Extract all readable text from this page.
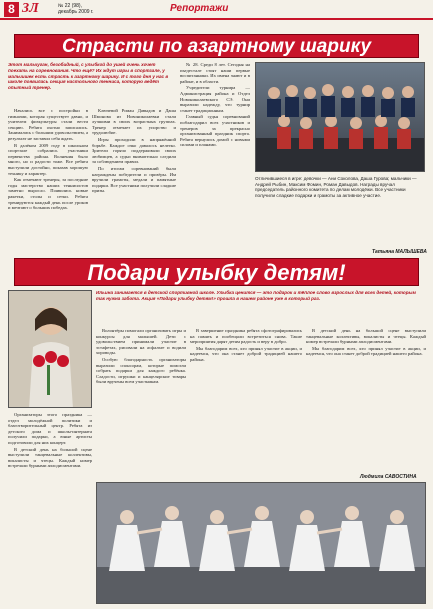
8 ЗЛ	№ 22 (98),
декабрь 2009 г.	Репортажи
Страсти по азартному шарику
Этот мальчуган, безобидный, с улыбкой до ушей очень хочет поехать на соревнования. Что ещё? Их ждут игры в спортзале, у мальчишек есть страсть к азартному шарику. И с того дня у нас в школе появилась секция настольного тенниса, которую ведёт опытный тренер.

Начались все с постройки в гимназии, которая существует давно, и учителем физкультуры стали вести секцию. Ребята охотно записались. Занимались с большим удовольствием, а результат не заставил себя ждать.

В далёком 2009 году в школьном спортзале собрались участники первенства района. Волнения было много, но и радости тоже. Все ребята выступили достойно, показав хорошую технику и характер.

Как отмечают тренеры, за последние годы мастерство наших теннисистов заметно выросло. Появились новые ракетки, столы и сетки. Ребята тренируются каждый день после уроков и мечтают о больших победах.

Ключевой Роман Давыдов и Даша Шмонова из Новониколаевки стали лучшими в своих возрастных группах. Тренер отмечает их упорство и трудолюбие.

Игры проходили в напряжённой борьбе. Каждое очко давалось нелегко. Зрители горячо поддерживали своих любимцев, а судьи внимательно следили за соблюдением правил.

По итогам соревнований были награждены победители и призёры. Им вручили грамоты, медали и памятные подарки. Все участники получили сладкие призы.

№ 28. Среди 8 лет. Сегодня на пьедестале стоят наши первые воспитанники. Их имена знают и в районе, и в области.

Учредители турнира — Администрация района и Отдел Новониколаевского СЭ. Они выразили надежду, что турнир станет традиционным.

Главный судья соревнований поблагодарил всех участников и тренеров за прекрасно организованный праздник спорта. Ребята вернулись домой с новыми силами и планами.

Отличившиеся в игре: девочки — Ани Соколова, Даша Гурова; мальчики — Андрей Рыбин, Максим Фомин, Роман Давыдов. Награды вручал председатель районного комитета по делам молодёжи. Все участники получили сладкие подарки и грамоты за активное участие.
Татьяна МАЛЫШЕВА
Подари улыбку детям!
Ильина занимается в детской спортивной школе. Улыбка ценится — это подарок и тёплое слово взрослых для всех детей, которым так нужна забота. Акция «Подари улыбку детям!» прошла в нашем районе уже в который раз.

Организаторы этого праздника — отдел молодёжной политики и благотворительный центр. Ребята из детского дома и школы-интерната получили подарки, а юные артисты подготовили для них концерт.

В детский день на большой сцене выступили танцевальные коллективы, вокалисты и чтецы. Каждый номер встречали бурными аплодисментами.

Волонтёры помогали организовать игры и конкурсы для малышей. Дети с удовольствием принимали участие в эстафетах, рисовали на асфальте и водили хороводы.

Особую благодарность организаторы выразили спонсорам, которые помогли собрать подарки для каждого ребёнка. Сладости, игрушки и канцелярские товары были вручены всем участникам.

В завершение праздника ребята сфотографировались на память и пообещали встретиться снова. Такие мероприятия дарят детям радость и веру в добро.

Мы благодарим всех, кто принял участие в акции, и надеемся, что она станет доброй традицией нашего района.

В детский день на большой сцене выступили танцевальные коллективы, вокалисты и чтецы. Каждый номер встречали бурными аплодисментами.

Мы благодарим всех, кто принял участие в акции, и надеемся, что она станет доброй традицией нашего района.

Людмила САВОСТИНА
